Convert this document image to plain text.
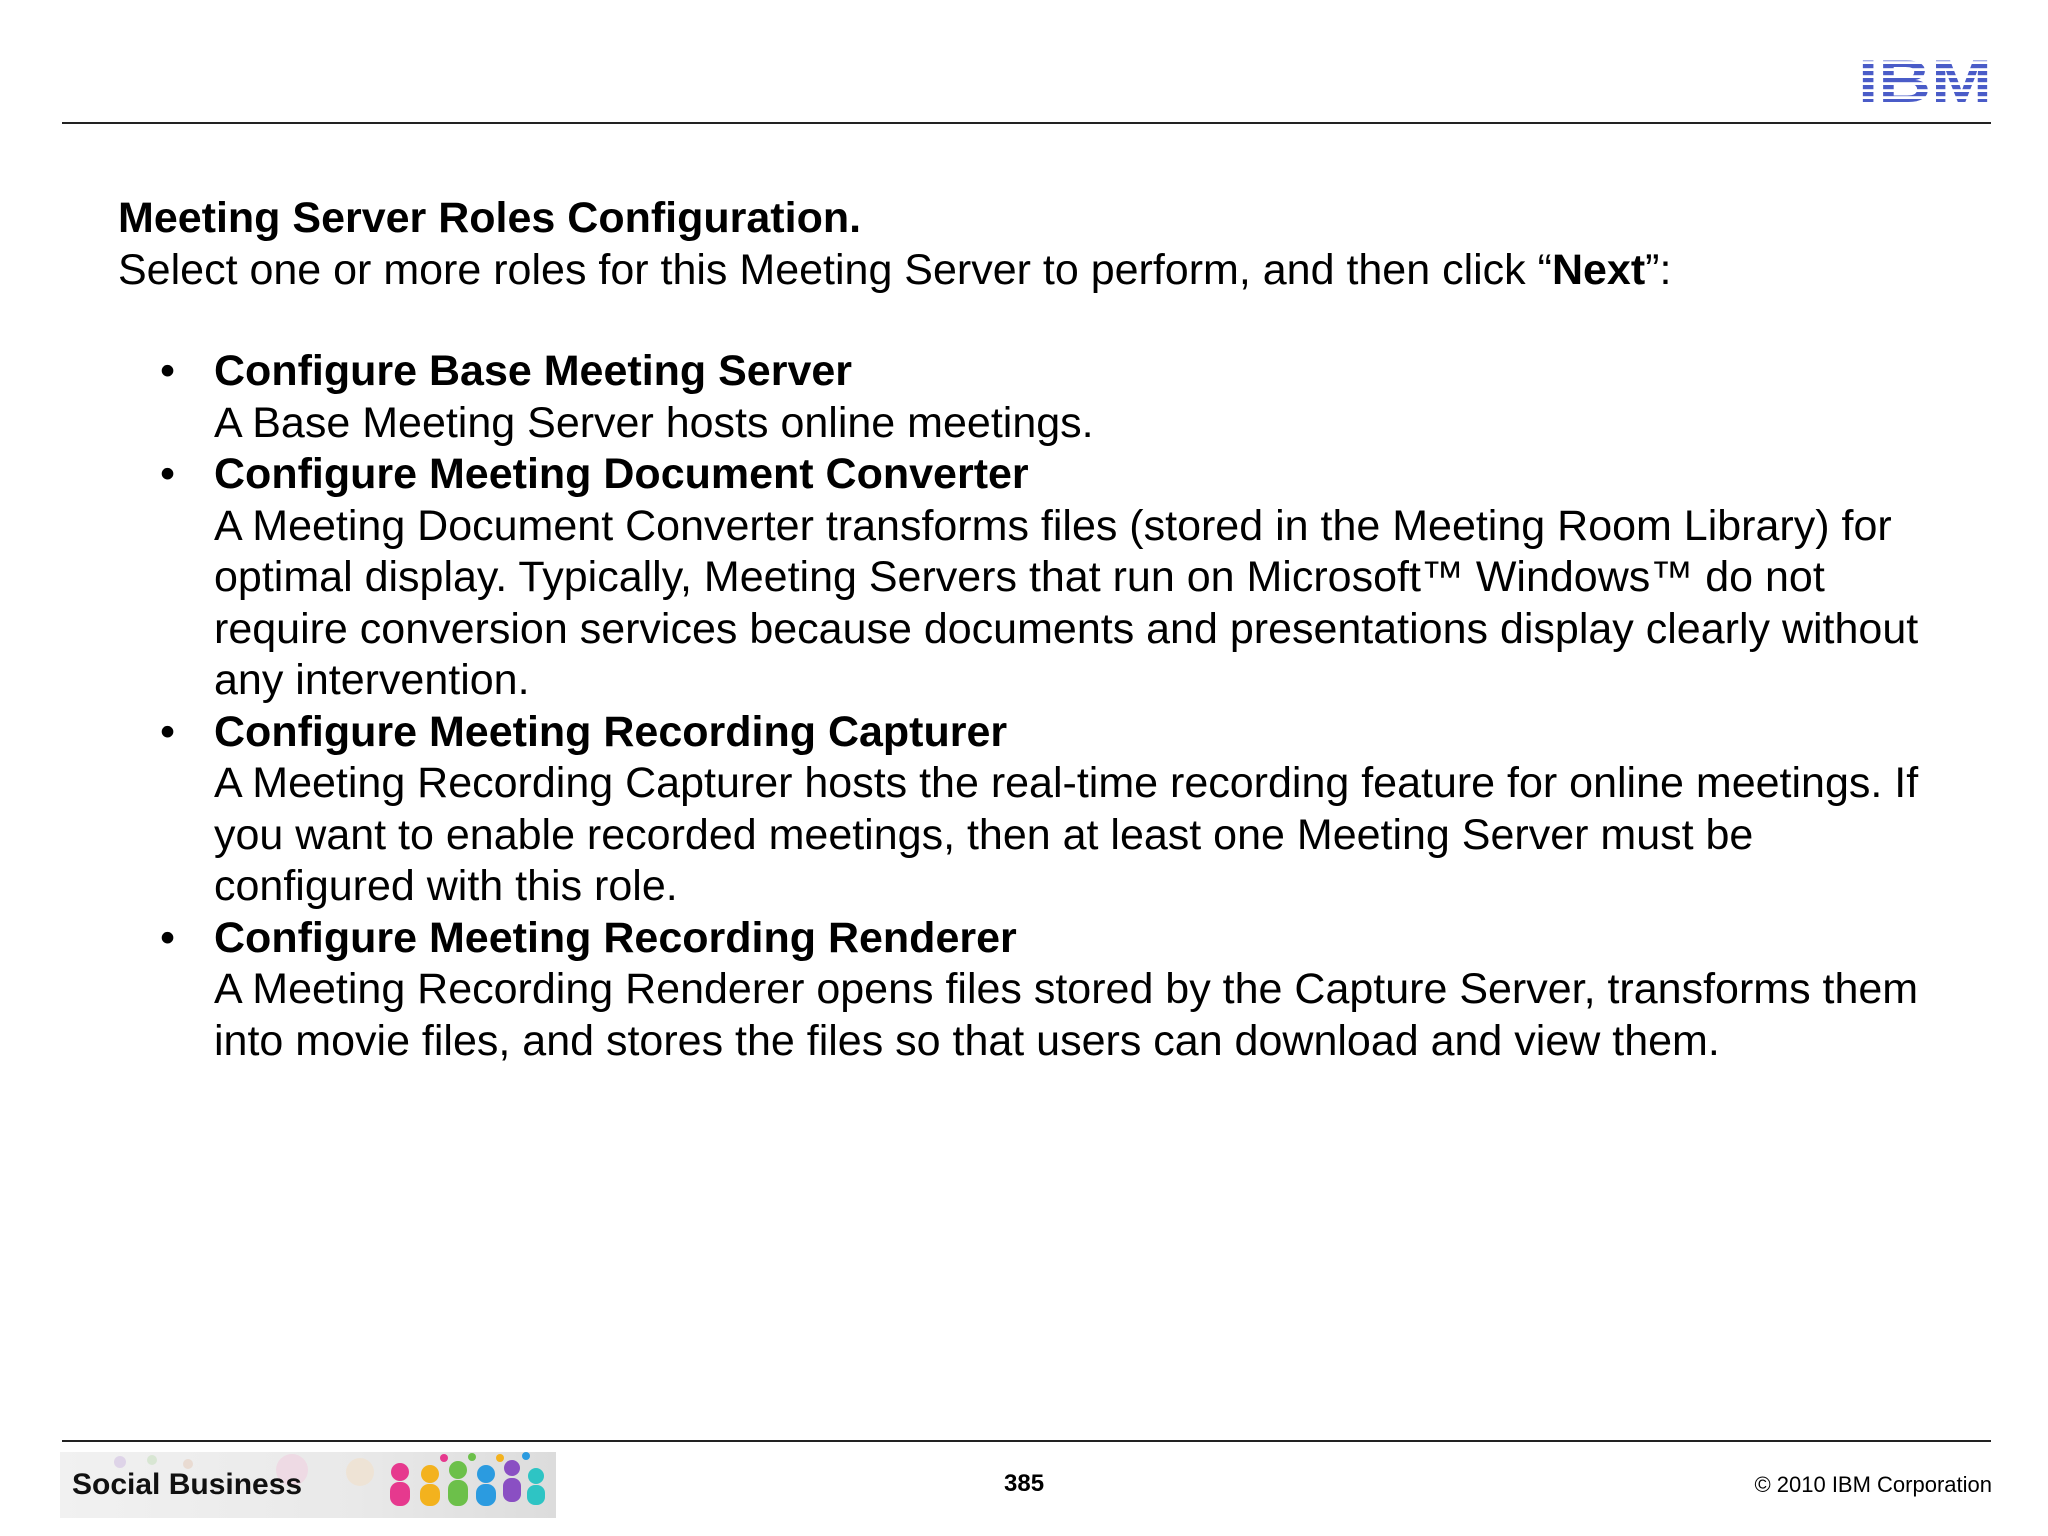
Meeting Server Roles Configuration.

Select one or more roles for this Meeting Server to perform, and then click “Next”:

• Configure Base Meeting Server
A Base Meeting Server hosts online meetings.
• Configure Meeting Document Converter
A Meeting Document Converter transforms files (stored in the Meeting Room Library) for optimal display. Typically, Meeting Servers that run on Microsoft™ Windows™ do not require conversion services because documents and presentations display clearly without any intervention.
• Configure Meeting Recording Capturer
A Meeting Recording Capturer hosts the real-time recording feature for online meetings. If you want to enable recorded meetings, then at least one Meeting Server must be configured with this role.
• Configure Meeting Recording Renderer
A Meeting Recording Renderer opens files stored by the Capture Server, transforms them into movie files, and stores the files so that users can download and view them.
Social Business	385	© 2010 IBM Corporation
